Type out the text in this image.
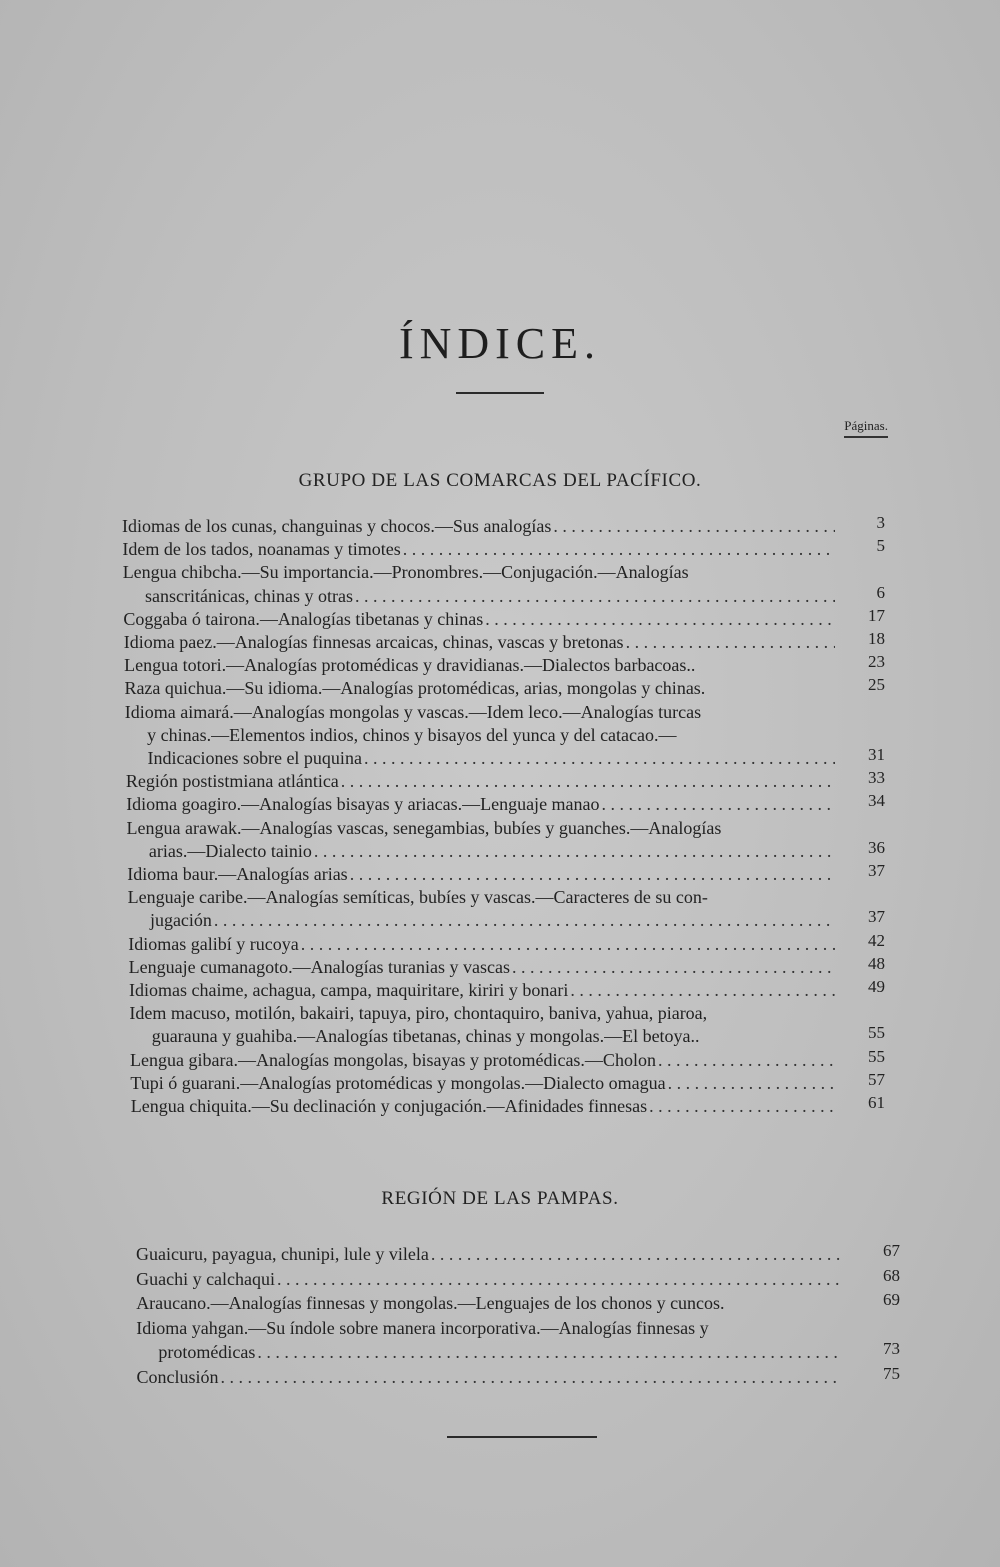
ÍNDICE.
Páginas.
GRUPO DE LAS COMARCAS DEL PACÍFICO.
REGIÓN DE LAS PAMPAS.
Idiomas de los cunas, changuinas y chocos.—Sus analogías . . .	3
Idem de los tados, noanamas y timotes . . .	5
Lengua chibcha.—Su importancia.—Pronombres.—Conjugación.—Analogías
sanscritánicas, chinas y otras . . .	6
Coggaba ó tairona.—Analogías tibetanas y chinas . . .	17
Idioma paez.—Analogías finnesas arcaicas, chinas, vascas y bretonas . . .	18
Lengua totori.—Analogías protomédicas y dravidianas.—Dialectos barbacoas..	23
Raza quichua.—Su idioma.—Analogías protomédicas, arias, mongolas y chinas.	25
Idioma aimará.—Analogías mongolas y vascas.—Idem leco.—Analogías turcas
y chinas.—Elementos indios, chinos y bisayos del yunca y del catacao.—
Indicaciones sobre el puquina . . .	31
Región postistmiana atlántica . . .	33
Idioma goagiro.—Analogías bisayas y ariacas.—Lenguaje manao . . .	34
Lengua arawak.—Analogías vascas, senegambias, bubíes y guanches.—Analogías
arias.—Dialecto tainio . . .	36
Idioma baur.—Analogías arias . . .	37
Lenguaje caribe.—Analogías semíticas, bubíes y vascas.—Caracteres de su con-
jugación . . .	37
Idiomas galibí y rucoya . . .	42
Lenguaje cumanagoto.—Analogías turanias y vascas . . .	48
Idiomas chaime, achagua, campa, maquiritare, kiriri y bonari . . .	49
Idem macuso, motilón, bakairi, tapuya, piro, chontaquiro, baniva, yahua, piaroa,
guarauna y guahiba.—Analogías tibetanas, chinas y mongolas.—El betoya..	55
Lengua gibara.—Analogías mongolas, bisayas y protomédicas.—Cholon . . .	55
Tupi ó guarani.—Analogías protomédicas y mongolas.—Dialecto omagua . . .	57
Lengua chiquita.—Su declinación y conjugación.—Afinidades finnesas . . .	61
Guaicuru, payagua, chunipi, lule y vilela . . .	67
Guachi y calchaqui . . .	68
Araucano.—Analogías finnesas y mongolas.—Lenguajes de los chonos y cuncos.	69
Idioma yahgan.—Su índole sobre manera incorporativa.—Analogías finnesas y
protomédicas . . .	73
Conclusión . . .	75
